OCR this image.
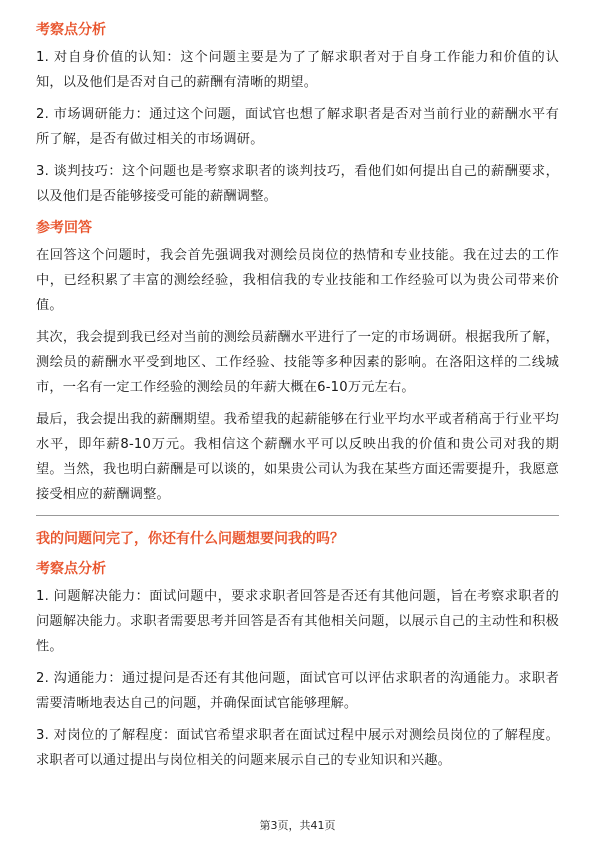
考察点分析

1. 对自身价值的认知：这个问题主要是为了了解求职者对于自身工作能力和价值的认知，以及他们是否对自己的薪酬有清晰的期望。

2. 市场调研能力：通过这个问题，面试官也想了解求职者是否对当前行业的薪酬水平有所了解，是否有做过相关的市场调研。

3. 谈判技巧：这个问题也是考察求职者的谈判技巧，看他们如何提出自己的薪酬要求，以及他们是否能够接受可能的薪酬调整。

参考回答

在回答这个问题时，我会首先强调我对测绘员岗位的热情和专业技能。我在过去的工作中，已经积累了丰富的测绘经验，我相信我的专业技能和工作经验可以为贵公司带来价值。

其次，我会提到我已经对当前的测绘员薪酬水平进行了一定的市场调研。根据我所了解，测绘员的薪酬水平受到地区、工作经验、技能等多种因素的影响。在洛阳这样的二线城市，一名有一定工作经验的测绘员的年薪大概在6-10万元左右。

最后，我会提出我的薪酬期望。我希望我的起薪能够在行业平均水平或者稍高于行业平均水平，即年薪8-10万元。我相信这个薪酬水平可以反映出我的价值和贵公司对我的期望。当然，我也明白薪酬是可以谈的，如果贵公司认为我在某些方面还需要提升，我愿意接受相应的薪酬调整。

我的问题问完了，你还有什么问题想要问我的吗？

考察点分析

1. 问题解决能力：面试问题中，要求求职者回答是否还有其他问题，旨在考察求职者的问题解决能力。求职者需要思考并回答是否有其他相关问题，以展示自己的主动性和积极性。

2. 沟通能力：通过提问是否还有其他问题，面试官可以评估求职者的沟通能力。求职者需要清晰地表达自己的问题，并确保面试官能够理解。

3. 对岗位的了解程度：面试官希望求职者在面试过程中展示对测绘员岗位的了解程度。求职者可以通过提出与岗位相关的问题来展示自己的专业知识和兴趣。

第3页，共41页
